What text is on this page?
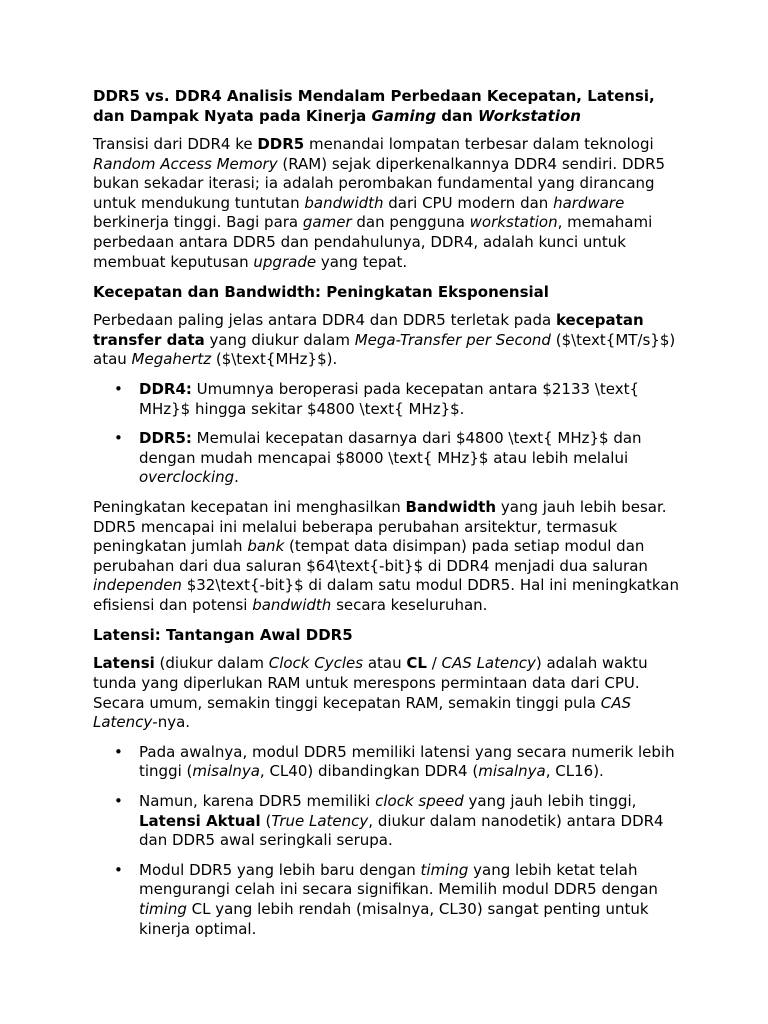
DDR5 vs. DDR4 Analisis Mendalam Perbedaan Kecepatan, Latensi, dan Dampak Nyata pada Kinerja Gaming dan Workstation

Transisi dari DDR4 ke DDR5 menandai lompatan terbesar dalam teknologi Random Access Memory (RAM) sejak diperkenalkannya DDR4 sendiri. DDR5 bukan sekadar iterasi; ia adalah perombakan fundamental yang dirancang untuk mendukung tuntutan bandwidth dari CPU modern dan hardware berkinerja tinggi. Bagi para gamer dan pengguna workstation, memahami perbedaan antara DDR5 dan pendahulunya, DDR4, adalah kunci untuk membuat keputusan upgrade yang tepat.

Kecepatan dan Bandwidth: Peningkatan Eksponensial

Perbedaan paling jelas antara DDR4 dan DDR5 terletak pada kecepatan transfer data yang diukur dalam Mega-Transfer per Second ($\text{MT/s}$) atau Megahertz ($\text{MHz}$).

• DDR4: Umumnya beroperasi pada kecepatan antara $2133 \text{ MHz}$ hingga sekitar $4800 \text{ MHz}$.
• DDR5: Memulai kecepatan dasarnya dari $4800 \text{ MHz}$ dan dengan mudah mencapai $8000 \text{ MHz}$ atau lebih melalui overclocking.

Peningkatan kecepatan ini menghasilkan Bandwidth yang jauh lebih besar. DDR5 mencapai ini melalui beberapa perubahan arsitektur, termasuk peningkatan jumlah bank (tempat data disimpan) pada setiap modul dan perubahan dari dua saluran $64\text{-bit}$ di DDR4 menjadi dua saluran independen $32\text{-bit}$ di dalam satu modul DDR5. Hal ini meningkatkan efisiensi dan potensi bandwidth secara keseluruhan.

Latensi: Tantangan Awal DDR5

Latensi (diukur dalam Clock Cycles atau CL / CAS Latency) adalah waktu tunda yang diperlukan RAM untuk merespons permintaan data dari CPU. Secara umum, semakin tinggi kecepatan RAM, semakin tinggi pula CAS Latency-nya.

• Pada awalnya, modul DDR5 memiliki latensi yang secara numerik lebih tinggi (misalnya, CL40) dibandingkan DDR4 (misalnya, CL16).
• Namun, karena DDR5 memiliki clock speed yang jauh lebih tinggi, Latensi Aktual (True Latency, diukur dalam nanodetik) antara DDR4 dan DDR5 awal seringkali serupa.
• Modul DDR5 yang lebih baru dengan timing yang lebih ketat telah mengurangi celah ini secara signifikan. Memilih modul DDR5 dengan timing CL yang lebih rendah (misalnya, CL30) sangat penting untuk kinerja optimal.
